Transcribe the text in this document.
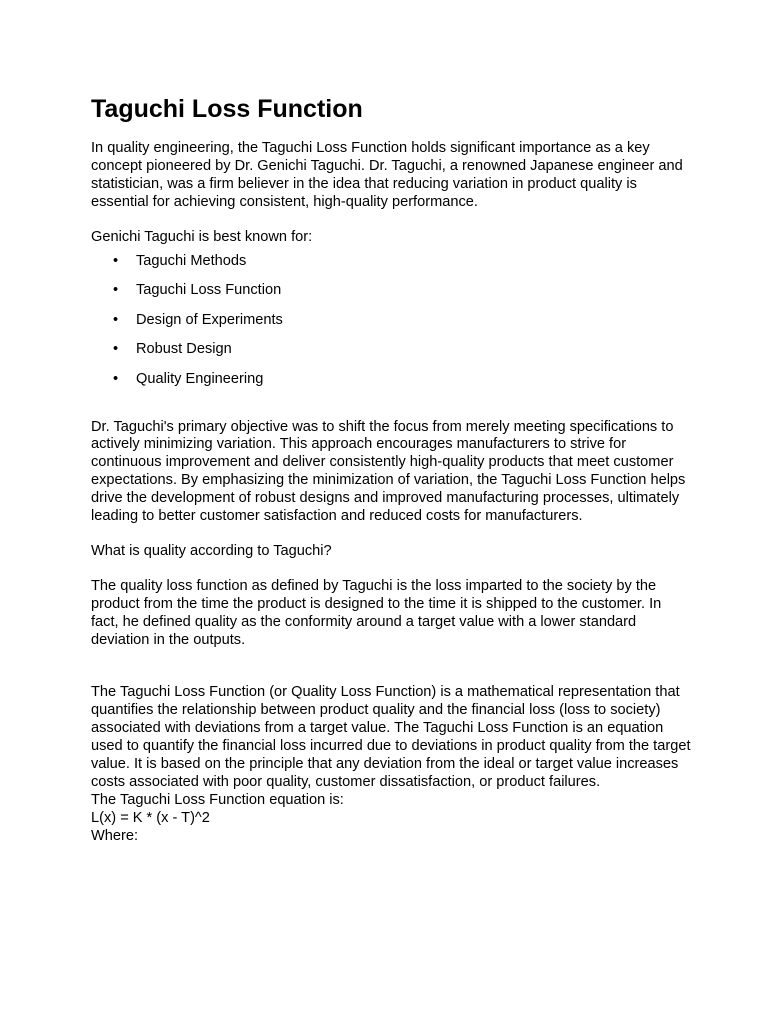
Taguchi Loss Function

In quality engineering, the Taguchi Loss Function holds significant importance as a key concept pioneered by Dr. Genichi Taguchi. Dr. Taguchi, a renowned Japanese engineer and statistician, was a firm believer in the idea that reducing variation in product quality is essential for achieving consistent, high-quality performance.

Genichi Taguchi is best known for:

• Taguchi Methods
• Taguchi Loss Function
• Design of Experiments
• Robust Design
• Quality Engineering

Dr. Taguchi's primary objective was to shift the focus from merely meeting specifications to actively minimizing variation. This approach encourages manufacturers to strive for continuous improvement and deliver consistently high-quality products that meet customer expectations. By emphasizing the minimization of variation, the Taguchi Loss Function helps drive the development of robust designs and improved manufacturing processes, ultimately leading to better customer satisfaction and reduced costs for manufacturers.

What is quality according to Taguchi?

The quality loss function as defined by Taguchi is the loss imparted to the society by the product from the time the product is designed to the time it is shipped to the customer. In fact, he defined quality as the conformity around a target value with a lower standard deviation in the outputs.

The Taguchi Loss Function (or Quality Loss Function) is a mathematical representation that quantifies the relationship between product quality and the financial loss (loss to society) associated with deviations from a target value. The Taguchi Loss Function is an equation used to quantify the financial loss incurred due to deviations in product quality from the target value. It is based on the principle that any deviation from the ideal or target value increases costs associated with poor quality, customer dissatisfaction, or product failures.

The Taguchi Loss Function equation is:

L(x) = K * (x - T)^2

Where:
